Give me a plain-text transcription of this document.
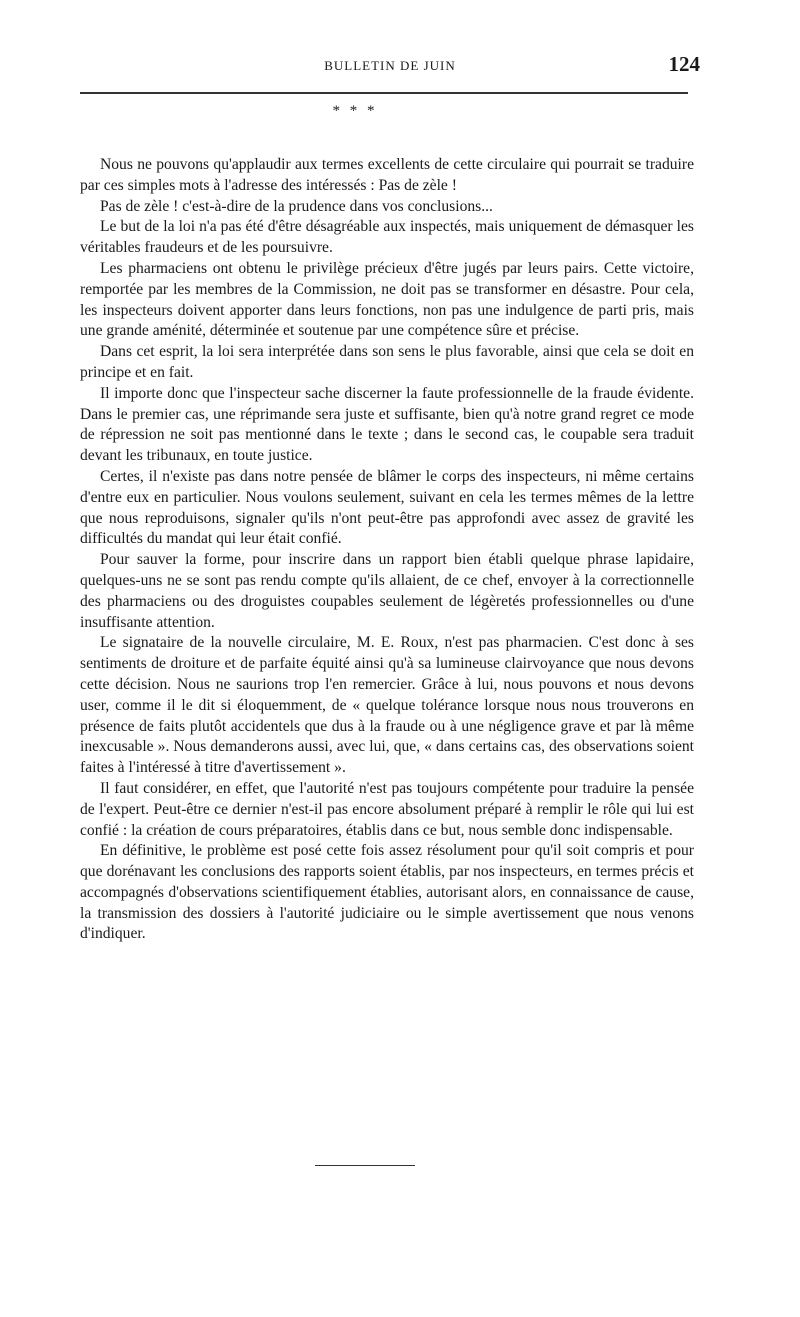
BULLETIN DE JUIN	124
* * *

Nous ne pouvons qu'applaudir aux termes excellents de cette circulaire qui pourrait se traduire par ces simples mots à l'adresse des intéressés : Pas de zèle !

Pas de zèle ! c'est-à-dire de la prudence dans vos conclusions...

Le but de la loi n'a pas été d'être désagréable aux inspectés, mais uniquement de démasquer les véritables fraudeurs et de les poursuivre.

Les pharmaciens ont obtenu le privilège précieux d'être jugés par leurs pairs. Cette victoire, remportée par les membres de la Commission, ne doit pas se transformer en désastre. Pour cela, les inspecteurs doivent apporter dans leurs fonctions, non pas une indulgence de parti pris, mais une grande aménité, déterminée et soutenue par une compétence sûre et précise.

Dans cet esprit, la loi sera interprétée dans son sens le plus favorable, ainsi que cela se doit en principe et en fait.

Il importe donc que l'inspecteur sache discerner la faute professionnelle de la fraude évidente. Dans le premier cas, une réprimande sera juste et suffisante, bien qu'à notre grand regret ce mode de répression ne soit pas mentionné dans le texte ; dans le second cas, le coupable sera traduit devant les tribunaux, en toute justice.

Certes, il n'existe pas dans notre pensée de blâmer le corps des inspecteurs, ni même certains d'entre eux en particulier. Nous voulons seulement, suivant en cela les termes mêmes de la lettre que nous reproduisons, signaler qu'ils n'ont peut-être pas approfondi avec assez de gravité les difficultés du mandat qui leur était confié.

Pour sauver la forme, pour inscrire dans un rapport bien établi quelque phrase lapidaire, quelques-uns ne se sont pas rendu compte qu'ils allaient, de ce chef, envoyer à la correctionnelle des pharmaciens ou des droguistes coupables seulement de légèretés professionnelles ou d'une insuffisante attention.

Le signataire de la nouvelle circulaire, M. E. Roux, n'est pas pharmacien. C'est donc à ses sentiments de droiture et de parfaite équité ainsi qu'à sa lumineuse clairvoyance que nous devons cette décision. Nous ne saurions trop l'en remercier. Grâce à lui, nous pouvons et nous devons user, comme il le dit si éloquemment, de « quelque tolérance lorsque nous nous trouverons en présence de faits plutôt accidentels que dus à la fraude ou à une négligence grave et par là même inexcusable ». Nous demanderons aussi, avec lui, que, « dans certains cas, des observations soient faites à l'intéressé à titre d'avertissement ».

Il faut considérer, en effet, que l'autorité n'est pas toujours compétente pour traduire la pensée de l'expert. Peut-être ce dernier n'est-il pas encore absolument préparé à remplir le rôle qui lui est confié : la création de cours préparatoires, établis dans ce but, nous semble donc indispensable.

En définitive, le problème est posé cette fois assez résolument pour qu'il soit compris et pour que dorénavant les conclusions des rapports soient établis, par nos inspecteurs, en termes précis et accompagnés d'observations scientifiquement établies, autorisant alors, en connaissance de cause, la transmission des dossiers à l'autorité judiciaire ou le simple avertissement que nous venons d'indiquer.
